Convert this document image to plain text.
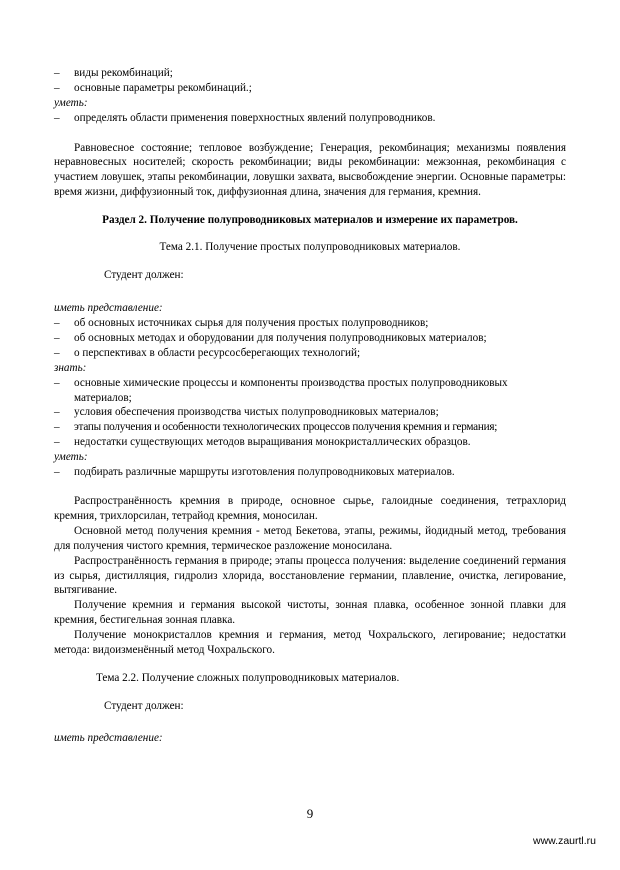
– виды рекомбинаций;
– основные параметры рекомбинаций.;
уметь:
– определять области применения поверхностных явлений полупроводников.
Равновесное состояние; тепловое возбуждение; Генерация, рекомбинация; механизмы появления неравновесных носителей; скорость рекомбинации; виды рекомбинации: межзонная, рекомбинация с участием ловушек, этапы рекомбинации, ловушки захвата, высвобождение энергии. Основные параметры: время жизни, диффузионный ток, диффузионная длина, значения для германия, кремния.
Раздел 2. Получение полупроводниковых материалов и измерение их параметров.
Тема 2.1. Получение простых полупроводниковых материалов.
Студент должен:
иметь представление:
– об основных источниках сырья для получения простых полупроводников;
– об основных методах и оборудовании для получения полупроводниковых материалов;
– о перспективах в области ресурсосберегающих технологий;
знать:
–	основные химические процессы и компоненты производства простых полупроводниковых материалов;
– условия обеспечения производства чистых полупроводниковых материалов;
– этапы получения и особенности технологических процессов получения кремния и германия;
– недостатки существующих методов выращивания монокристаллических образцов.
уметь:
– подбирать различные маршруты изготовления полупроводниковых материалов.
Распространённость кремния в природе, основное сырье, галоидные соединения, тетрахлорид кремния, трихлорсилан, тетрайод кремния, моносилан.
Основной метод получения кремния - метод Бекетова, этапы, режимы, йодидный метод, требования для получения чистого кремния, термическое разложение моносилана.
Распространённость германия в природе; этапы процесса получения: выделение соединений германия из сырья, дистилляция, гидролиз хлорида, восстановление германии, плавление, очистка, легирование, вытягивание.
Получение кремния и германия высокой чистоты, зонная плавка, особенное зонной плавки для кремния, бестигельная зонная плавка.
Получение монокристаллов кремния и германия, метод Чохральского, легирование; недостатки метода: видоизменённый метод Чохральского.
Тема 2.2. Получение сложных полупроводниковых материалов.
Студент должен:
иметь представление:
9
www.zaurtl.ru
